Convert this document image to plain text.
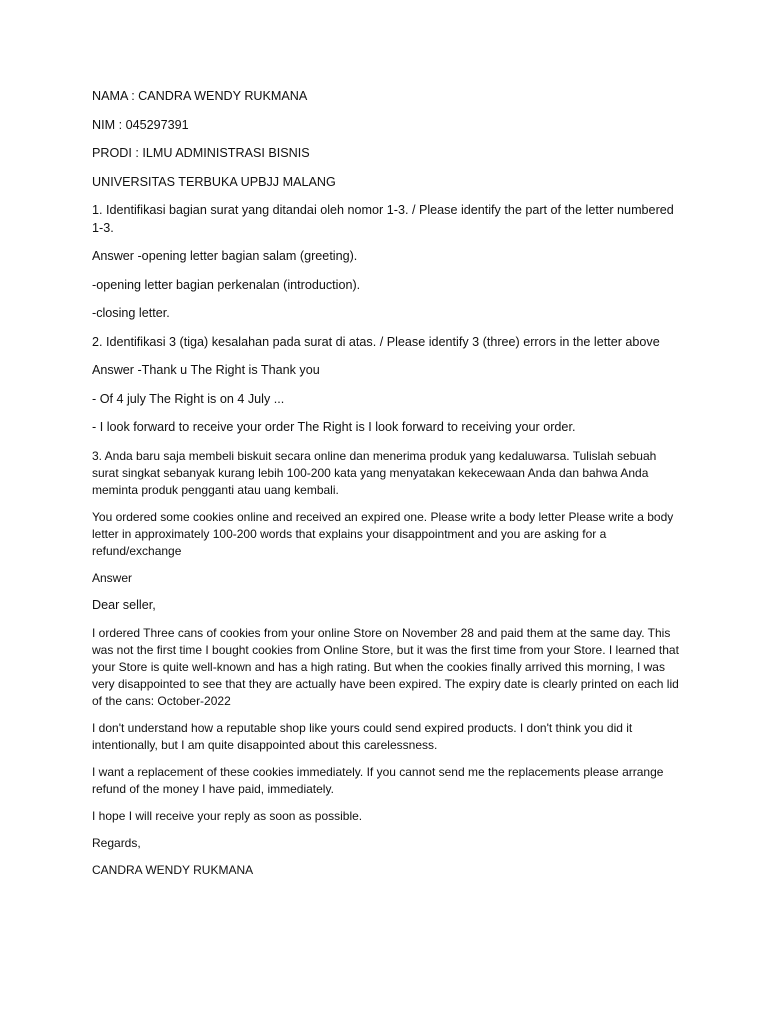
NAMA : CANDRA WENDY RUKMANA

NIM : 045297391

PRODI : ILMU ADMINISTRASI BISNIS

UNIVERSITAS TERBUKA UPBJJ MALANG

1. Identifikasi bagian surat yang ditandai oleh nomor 1-3. / Please identify the part of the letter numbered 1-3.

Answer -opening letter bagian salam (greeting).

-opening letter bagian perkenalan (introduction).

-closing letter.

2. Identifikasi 3 (tiga) kesalahan pada surat di atas. / Please identify 3 (three) errors in the letter above

Answer -Thank u The Right is Thank you

- Of 4 july The Right is on 4 July ...

- I look forward to receive your order The Right is I look forward to receiving your order.

3. Anda baru saja membeli biskuit secara online dan menerima produk yang kedaluwarsa. Tulislah sebuah surat singkat sebanyak kurang lebih 100-200 kata yang menyatakan kekecewaan Anda dan bahwa Anda meminta produk pengganti atau uang kembali.

You ordered some cookies online and received an expired one. Please write a body letter Please write a body letter in approximately 100-200 words that explains your disappointment and you are asking for a refund/exchange

Answer

Dear seller,

I ordered Three cans of cookies from your online Store on November 28 and paid them at the same day. This was not the first time I bought cookies from Online Store, but it was the first time from your Store. I learned that your Store is quite well-known and has a high rating. But when the cookies finally arrived this morning, I was very disappointed to see that they are actually have been expired. The expiry date is clearly printed on each lid of the cans: October-2022

I don't understand how a reputable shop like yours could send expired products. I don't think you did it intentionally, but I am quite disappointed about this carelessness.

I want a replacement of these cookies immediately. If you cannot send me the replacements please arrange refund of the money I have paid, immediately.

I hope I will receive your reply as soon as possible.

Regards,

CANDRA WENDY RUKMANA
